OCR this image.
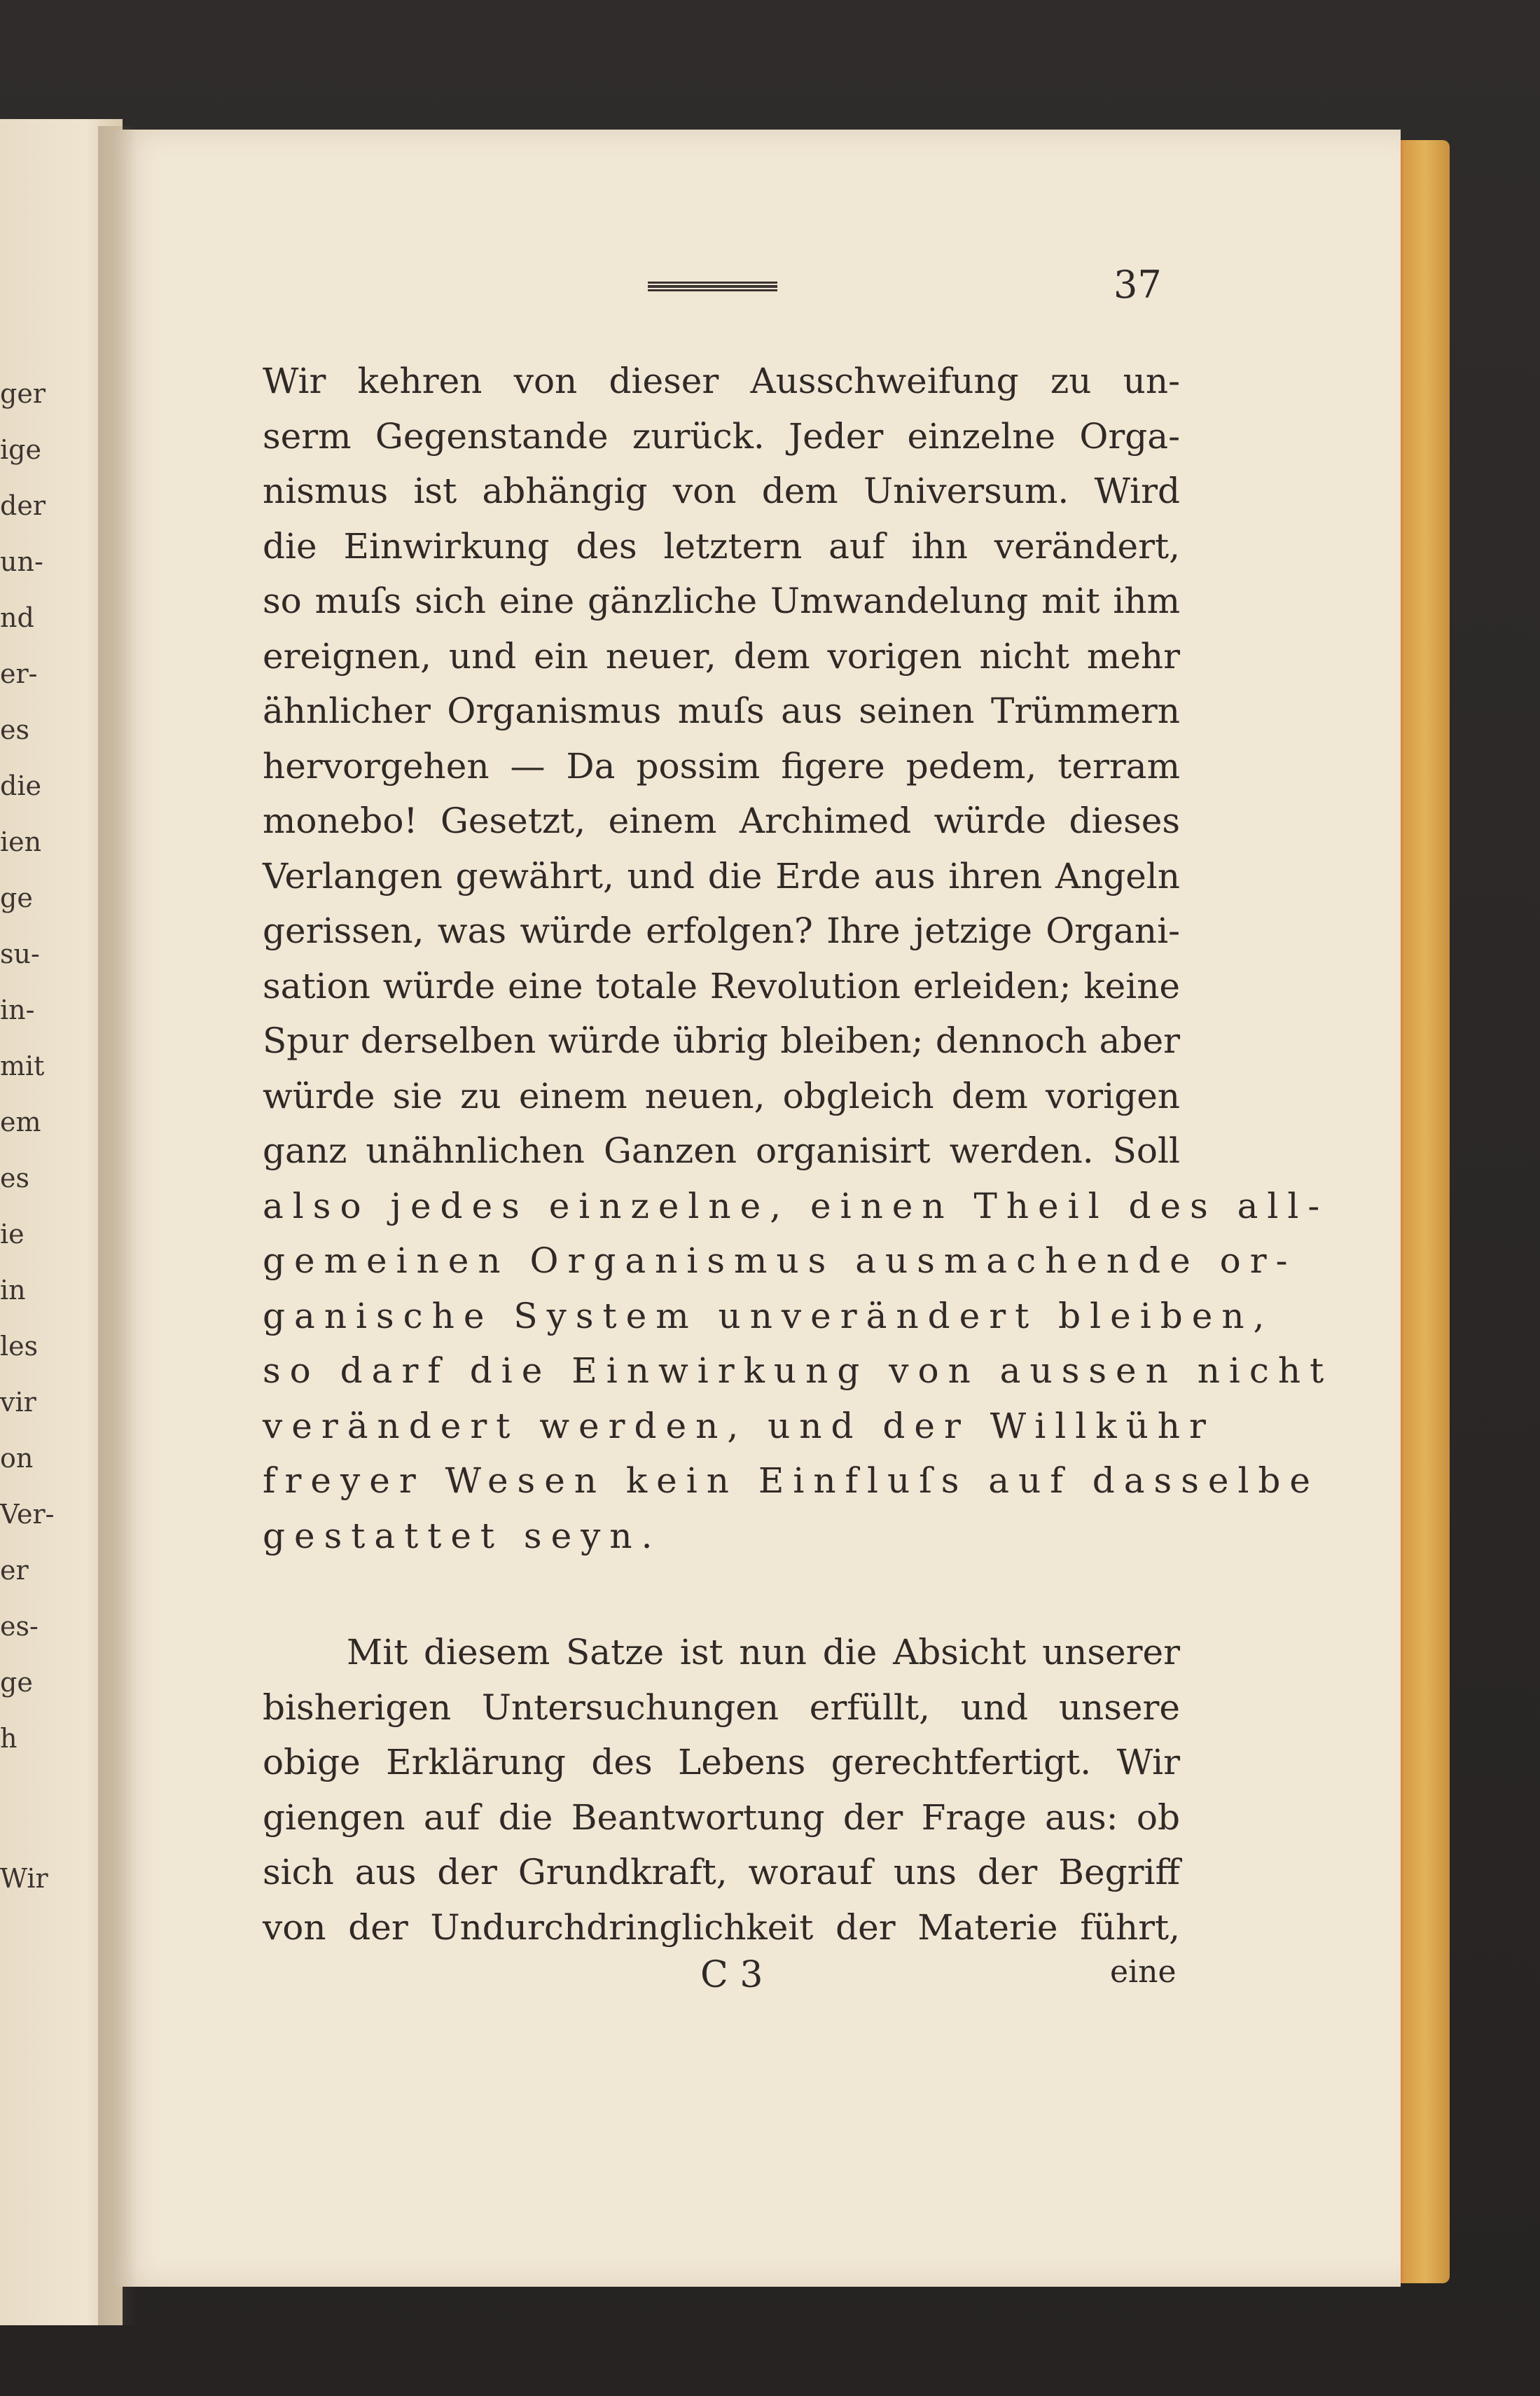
ger
ige
der
un-
nd
er-
es
die
ien
ge
su-
in-
mit
em
es
ie
in
les
vir
on
Ver-
er
es-
ge
h
Wir
37
Wir kehren von dieser Ausschweifung zu un-
serm Gegenstande zurück. Jeder einzelne Orga-
nismus ist abhängig von dem Universum. Wird
die Einwirkung des letztern auf ihn verändert,
so muſs sich eine gänzliche Umwandelung mit ihm
ereignen, und ein neuer, dem vorigen nicht mehr
ähnlicher Organismus muſs aus seinen Trümmern
hervorgehen — Da possim figere pedem, terram
monebo! Gesetzt, einem Archimed würde dieses
Verlangen gewährt, und die Erde aus ihren Angeln
gerissen, was würde erfolgen? Ihre jetzige Organi-
sation würde eine totale Revolution erleiden; keine
Spur derselben würde übrig bleiben; dennoch aber
würde sie zu einem neuen, obgleich dem vorigen
ganz unähnlichen Ganzen organisirt werden. Soll
also jedes einzelne, einen Theil des all-
gemeinen Organismus ausmachende or-
ganische System unverändert bleiben,
so darf die Einwirkung von aussen nicht
verändert werden, und der Willkühr
freyer Wesen kein Einfluſs auf dasselbe
gestattet seyn.
Mit diesem Satze ist nun die Absicht unserer
bisherigen Untersuchungen erfüllt, und unsere
obige Erklärung des Lebens gerechtfertigt. Wir
giengen auf die Beantwortung der Frage aus: ob
sich aus der Grundkraft, worauf uns der Begriff
von der Undurchdringlichkeit der Materie führt,
C 3	eine
